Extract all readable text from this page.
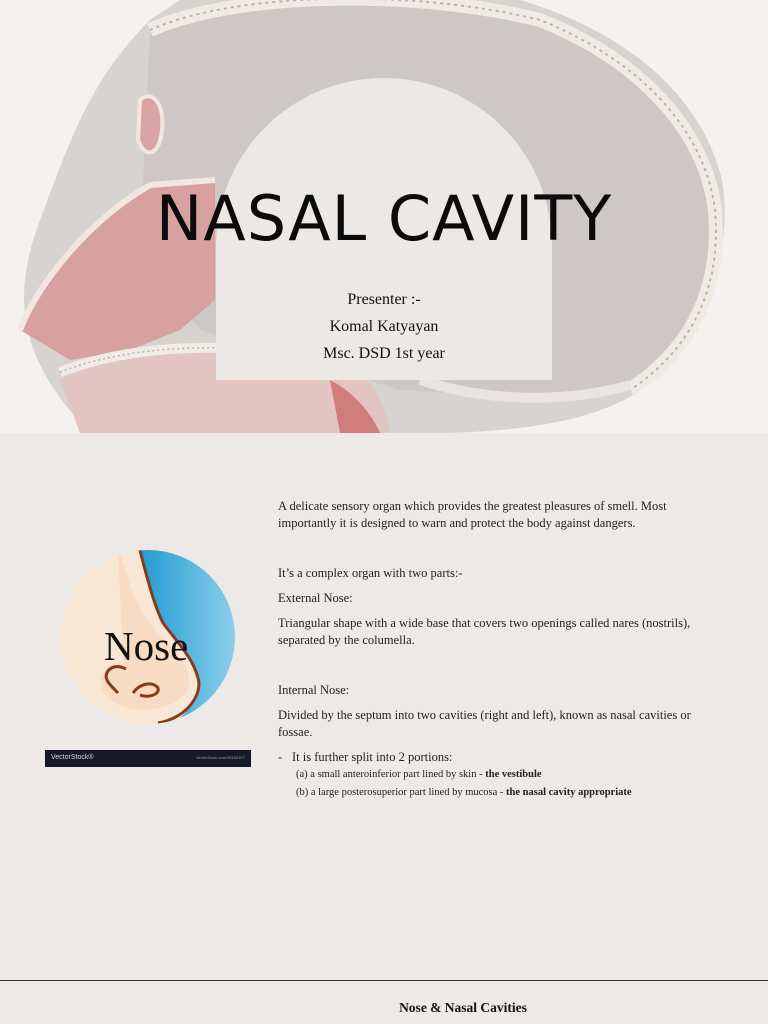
NASAL CAVITY
Presenter :-
Komal Katyayan
Msc. DSD 1st year
Nose
VectorStock®	VectorStock.com/26160377

A delicate sensory organ which provides the greatest pleasures of smell. Most importantly it is designed to warn and protect the body against dangers.

It’s a complex organ with two parts:-

External Nose:

Triangular shape with a wide base that covers two openings called nares (nostrils), separated by the columella.

Internal Nose:

Divided by the septum into two cavities (right and left), known as nasal cavities or fossae.

- It is further split into 2 portions:
(a) a small anteroinferior part lined by skin - the vestibule
(b) a large posterosuperior part lined by mucosa - the nasal cavity appropriate
Nose & Nasal Cavities
